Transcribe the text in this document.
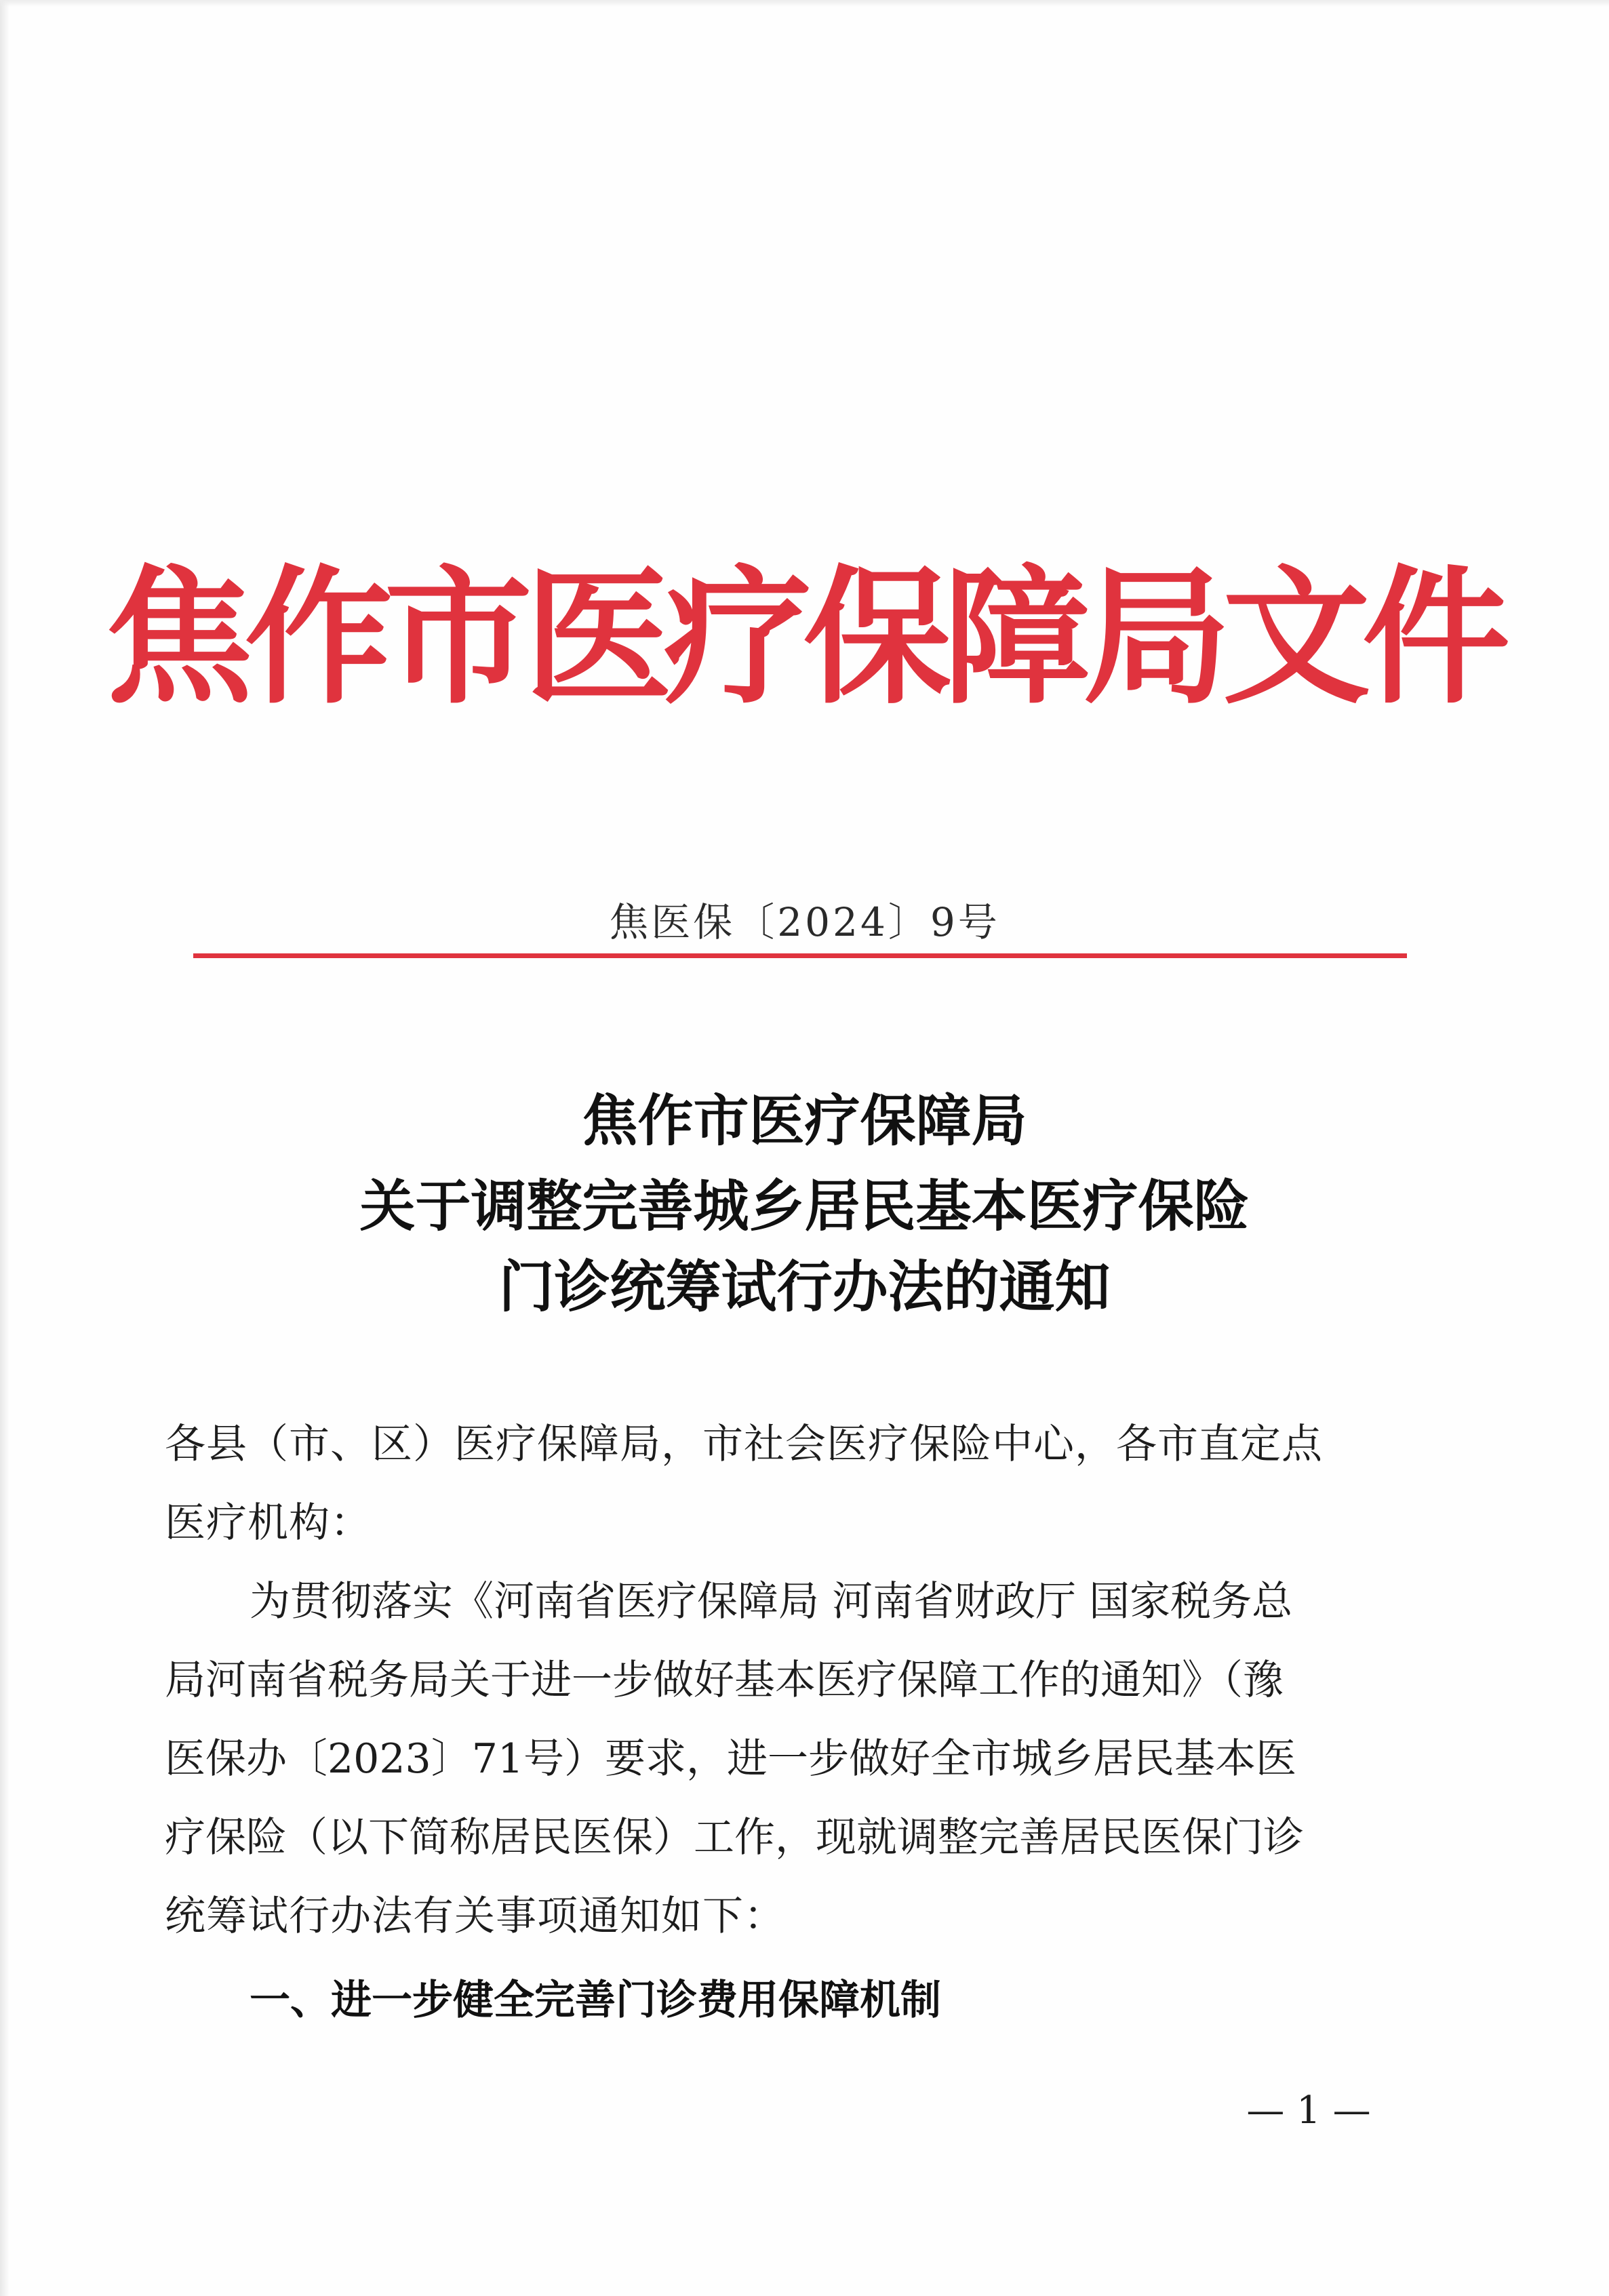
焦作市医疗保障局文件
焦医保〔2024〕9号
焦作市医疗保障局
关于调整完善城乡居民基本医疗保险
门诊统筹试行办法的通知
各县（市、区）医疗保障局，市社会医疗保险中心，各市直定点
医疗机构：
为贯彻落实《河南省医疗保障局 河南省财政厅 国家税务总
局河南省税务局关于进一步做好基本医疗保障工作的通知》（豫
医保办〔2023〕71号）要求，进一步做好全市城乡居民基本医
疗保险（以下简称居民医保）工作，现就调整完善居民医保门诊
统筹试行办法有关事项通知如下：
一、进一步健全完善门诊费用保障机制
— 1 —
